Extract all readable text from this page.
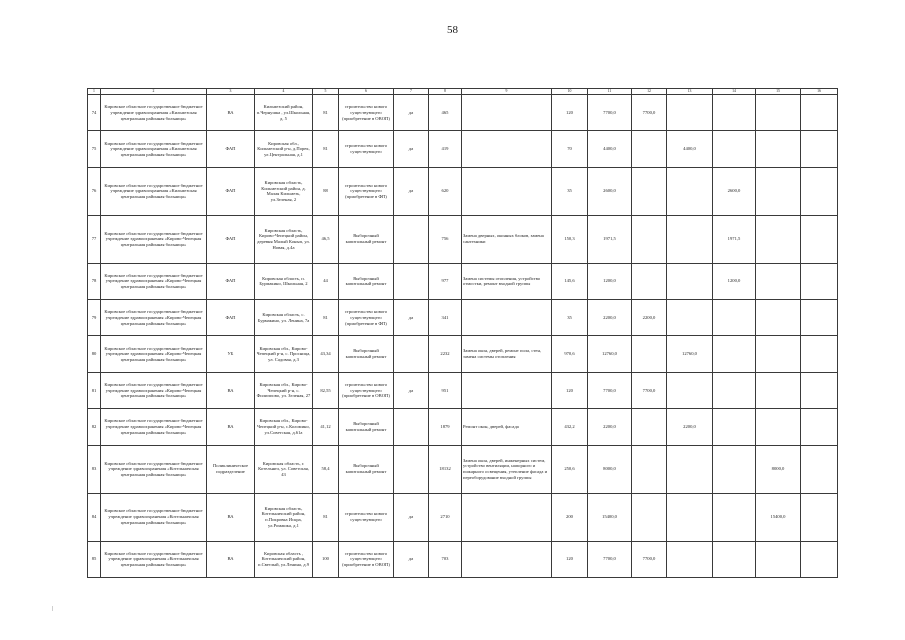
58
1	2	3	4	5	6	7	8	9	10	11	12	13	14	15	16
74	Кировское областное государственное бюджетное учреждение здравоохранения «Кильмезская центральная районная больница»	ВА	Кильмезский район, п.Чернушка , ул.Школьная, д. 5	81	строительство нового существующего (приобретение в ОВОП)	да	465		120	7700,0	7700,0				
75	Кировское областное государственное бюджетное учреждение здравоохранения «Кильмезская центральная районная больница»	ФАП	Кировская обл., Кильмезский р-н, д.Порек, ул.Центральная, д.1	81	строительство нового существующего	да	419		70	4400,0		4400,0			
76	Кировское областное государственное бюджетное учреждение здравоохранения «Кильмезская центральная районная больница»	ФАП	Кировская область, Кильмезский район, д. Малая Кильмезь, ул.Зеленая, 2	88	строительство нового существующего (приобретение в ФП)	да	620		35	2600,0			2600,0		
77	Кировское областное государственное бюджетное учреждение здравоохранения «Кирово-Чепецкая центральная районная больница»	ФАП	Кировская область, Кирово-Чепецкий район, деревня Малый Конып, ул. Новая, д.4а	46,5	Выборочный капитальный ремонт		756	Замена дверных, оконных блоков, замена сантехники	150,3	1971,5			1971,5		
78	Кировское областное государственное бюджетное учреждение здравоохранения «Кирово-Чепецкая центральная районная больница»	ФАП	Кировская область, п. Бурмакино, Школьная, 2	44	Выборочный капитальный ремонт		977	Замена системы отопления, устройство отмостки, ремонт входной группы	145,6	1200,0			1200,0		
79	Кировское областное государственное бюджетное учреждение здравоохранения «Кирово-Чепецкая центральная районная больница»	ФАП	Кировская область, с. Бурмакино, ул. Ленина, 7а	81	строительство нового существующего (приобретение в ФП)	да	341		35	2200,0	2200,0				
80	Кировское областное государственное бюджетное учреждение здравоохранения «Кирово-Чепецкая центральная районная больница»	УБ	Кировская обл., Кирово-Чепецкий р-н, с. Просница, ул. Садовая, д.3	43,34	Выборочный капитальный ремонт		2232	Замена окон, дверей, ремонт пола, стен, замена системы отопления	970,6	12760,0		12760,0			
81	Кировское областное государственное бюджетное учреждение здравоохранения «Кирово-Чепецкая центральная районная больница»	ВА	Кировская обл., Кирово-Чепецкий р-н, с. Филиппово, ул. Зеленая, 27	82,55	строительство нового существующего (приобретение в ОВОП)	да	951		120	7700,0	7700,0				
82	Кировское областное государственное бюджетное учреждение здравоохранения «Кирово-Чепецкая центральная районная больница»	ВА	Кировская обл., Кирово-Чепецкий р-н, с.Коломино, ул.Советская, д.61а	41,12	Выборочный капитальный ремонт		1879	Ремонт окон, дверей, фасада	432,2	2200,0		2200,0			
83	Кировское областное государственное бюджетное учреждение здравоохранения «Котельничская центральная районная больница»	Поликлиническое подразделение	Кировская область, г. Котельнич, ул. Советская, 43	58,4	Выборочный капитальный ремонт		18132	Замена окон, дверей, инженерных систем, устройство вентиляции, напорного и пожарного освещения, утепление фасада и переоборудование входной группы	250,6	8000,0				8000,0	
84	Кировское областное государственное бюджетное учреждение здравоохранения «Котельничская центральная районная больница»	ВА	Кировская область, Котельничский район, п.Покровка Искра, ул.Ромашка, д.1	81	строительство нового существующего	да	2710		200	15400,0				15400,0	
85	Кировское областное государственное бюджетное учреждение здравоохранения «Котельничская центральная районная больница»	ВА	Кировская область , Котельничский район, п.Светлый, ул.Ленина, д.9	100	строительство нового существующего (приобретение в ОВОП)	да	703		120	7700,0	7700,0				
